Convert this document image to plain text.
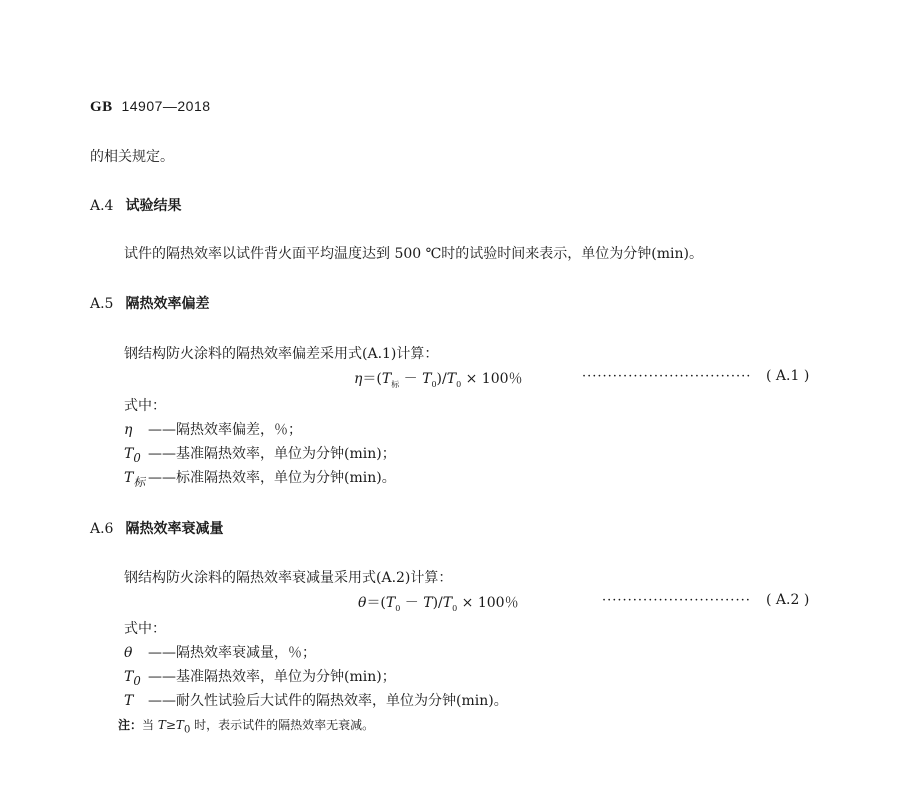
GB 14907—2018
的相关规定。
A.4 试验结果
试件的隔热效率以试件背火面平均温度达到 500 ℃时的试验时间来表示，单位为分钟(min)。
A.5 隔热效率偏差
钢结构防火涂料的隔热效率偏差采用式(A.1)计算：
$\eta=(T_标 - T_0)/T_0 \times 100$％	································· ( A.1 )
式中：
η ——隔热效率偏差，％；
$T_0$ ——基准隔热效率，单位为分钟(min)；
$T_标$ ——标准隔热效率，单位为分钟(min)。
A.6 隔热效率衰减量
钢结构防火涂料的隔热效率衰减量采用式(A.2)计算：
$\theta=(T_0 - T)/T_0 \times 100$％	····························· ( A.2 )
式中：
θ ——隔热效率衰减量，％；
$T_0$ ——基准隔热效率，单位为分钟(min)；
T ——耐久性试验后大试件的隔热效率，单位为分钟(min)。
注：当 $T\ge T_0$ 时，表示试件的隔热效率无衰减。
